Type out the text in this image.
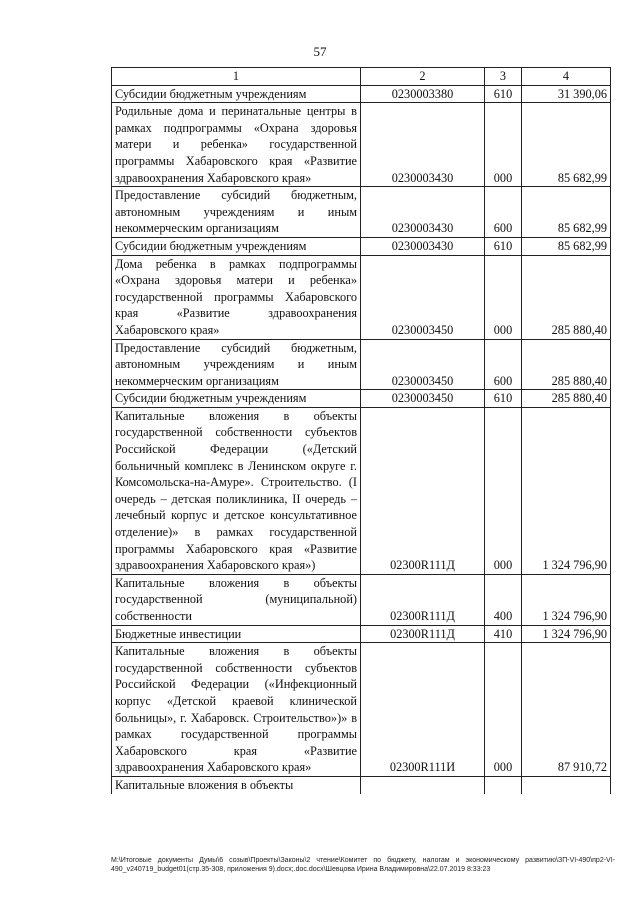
57
1	2	3	4
Субсидии бюджетным учреждениям	0230003380	610	31 390,06
Родильные дома и перинатальные центры в рамках подпрограммы «Охрана здоровья матери и ребенка» государственной программы Хабаровского края «Развитие здравоохранения Хабаровского края»	0230003430	000	85 682,99
Предоставление субсидий бюджетным, автономным учреждениям и иным некоммерческим организациям	0230003430	600	85 682,99
Субсидии бюджетным учреждениям	0230003430	610	85 682,99
Дома ребенка в рамках подпрограммы «Охрана здоровья матери и ребенка» государственной программы Хабаровского края «Развитие здравоохранения Хабаровского края»	0230003450	000	285 880,40
Предоставление субсидий бюджетным, автономным учреждениям и иным некоммерческим организациям	0230003450	600	285 880,40
Субсидии бюджетным учреждениям	0230003450	610	285 880,40
Капитальные вложения в объекты государственной собственности субъектов Российской Федерации («Детский больничный комплекс в Ленинском округе г. Комсомольска-на-Амуре». Строительство. (I очередь – детская поликлиника, II очередь – лечебный корпус и детское консультативное отделение)» в рамках государственной программы Хабаровского края «Развитие здравоохранения Хабаровского края»)	02300R111Д	000	1 324 796,90
Капитальные вложения в объекты государственной (муниципальной) собственности	02300R111Д	400	1 324 796,90
Бюджетные инвестиции	02300R111Д	410	1 324 796,90
Капитальные вложения в объекты государственной собственности субъектов Российской Федерации («Инфекционный корпус «Детской краевой клинической больницы», г. Хабаровск. Строительство»)» в рамках государственной программы Хабаровского края «Развитие здравоохранения Хабаровского края»	02300R111И	000	87 910,72
Капитальные вложения в объекты			
M:\Итоговые документы Думы\6 созыв\Проекты\Законы\2 чтение\Комитет по бюджету, налогам и экономическому развитию\ЗП-VI-490\пр2-VI-490_v240719_budget01(стр.35-308, приложения 9).docx;.doc.docx\Шевцова Ирина Владимировна\22.07.2019 8:33:23
